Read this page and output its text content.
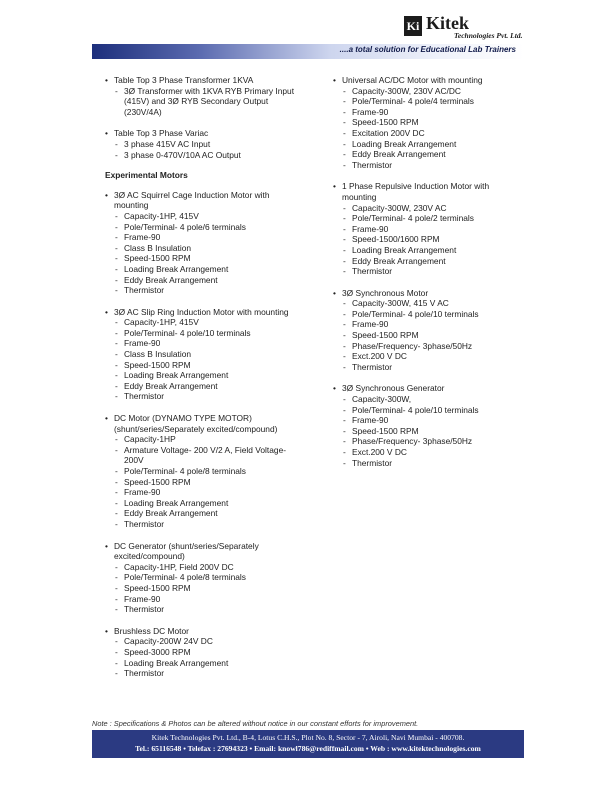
Ki Kitek
Technologies Pvt. Ltd.
....a total solution for Educational Lab Trainers
• Table Top 3 Phase Transformer 1KVA
- 3Ø Transformer with 1KVA RYB Primary Input (415V) and 3Ø RYB Secondary Output (230V/4A)
• Table Top 3 Phase Variac
- 3 phase 415V AC Input
- 3 phase 0-470V/10A AC Output
Experimental Motors
• 3Ø AC Squirrel Cage Induction Motor with mounting
- Capacity-1HP, 415V
- Pole/Terminal- 4 pole/6 terminals
- Frame-90
- Class B Insulation
- Speed-1500 RPM
- Loading Break Arrangement
- Eddy Break Arrangement
- Thermistor
• 3Ø AC Slip Ring Induction Motor with mounting
- Capacity-1HP, 415V
- Pole/Terminal- 4 pole/10 terminals
- Frame-90
- Class B Insulation
- Speed-1500 RPM
- Loading Break Arrangement
- Eddy Break Arrangement
- Thermistor
• DC Motor (DYNAMO TYPE MOTOR) (shunt/series/Separately excited/compound)
- Capacity-1HP
- Armature Voltage- 200 V/2 A, Field Voltage- 200V
- Pole/Terminal- 4 pole/8 terminals
- Speed-1500 RPM
- Frame-90
- Loading Break Arrangement
- Eddy Break Arrangement
- Thermistor
• DC Generator (shunt/series/Separately excited/compound)
- Capacity-1HP, Field 200V DC
- Pole/Terminal- 4 pole/8 terminals
- Speed-1500 RPM
- Frame-90
- Thermistor
• Brushless DC Motor
- Capacity-200W 24V DC
- Speed-3000 RPM
- Loading Break Arrangement
- Thermistor
• Universal AC/DC Motor with mounting
- Capacity-300W, 230V AC/DC
- Pole/Terminal- 4 pole/4 terminals
- Frame-90
- Speed-1500 RPM
- Excitation 200V DC
- Loading Break Arrangement
- Eddy Break Arrangement
- Thermistor
• 1 Phase Repulsive Induction Motor with mounting
- Capacity-300W, 230V AC
- Pole/Terminal- 4 pole/2 terminals
- Frame-90
- Speed-1500/1600 RPM
- Loading Break Arrangement
- Eddy Break Arrangement
- Thermistor
• 3Ø Synchronous Motor
- Capacity-300W, 415 V AC
- Pole/Terminal- 4 pole/10 terminals
- Frame-90
- Speed-1500 RPM
- Phase/Frequency- 3phase/50Hz
- Exct.200 V DC
- Thermistor
• 3Ø Synchronous Generator
- Capacity-300W,
- Pole/Terminal- 4 pole/10 terminals
- Frame-90
- Speed-1500 RPM
- Phase/Frequency- 3phase/50Hz
- Exct.200 V DC
- Thermistor
Note : Specifications & Photos can be altered without notice in our constant efforts for improvement.
Kitek Technologies Pvt. Ltd., B-4, Lotus C.H.S., Plot No. 8, Sector - 7, Airoli, Navi Mumbai - 400708.
Tel.: 65116548 • Telefax : 27694323 • Email: knowl786@rediffmail.com • Web : www.kitektechnologies.com
